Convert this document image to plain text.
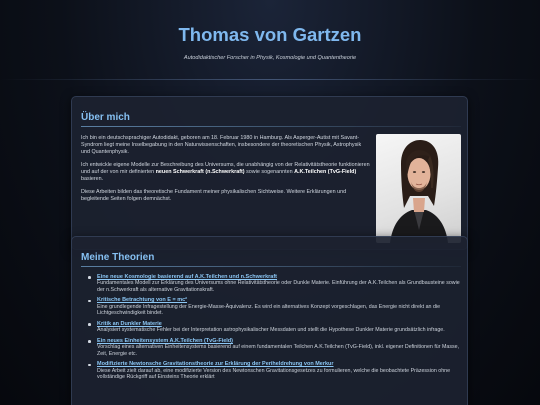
Thomas von Gartzen
Autodidaktischer Forscher in Physik, Kosmologie und Quantentheorie
Über mich

Ich bin ein deutschsprachiger Autodidakt, geboren am 18. Februar 1980 in Hamburg. Als Asperger-Autist mit Savant-Syndrom liegt meine Inselbegabung in den Naturwissenschaften, insbesondere der theoretischen Physik, Astrophysik und Quantenphysik.

Ich entwickle eigene Modelle zur Beschreibung des Universums, die unabhängig von der Relativitätstheorie funktionieren und auf der von mir definierten neuen Schwerkraft (n.Schwerkraft) sowie sogenannten A.K.Teilchen (TvG-Field) basieren.

Diese Arbeiten bilden das theoretische Fundament meiner physikalischen Sichtweise. Weitere Erklärungen und begleitende Seiten folgen demnächst.

Meine Theorien
Eine neue Kosmologie basierend auf A.K.Teilchen und n.Schwerkraft
Fundamentales Modell zur Erklärung des Universums ohne Relativitätstheorie oder Dunkle Materie. Einführung der A.K.Teilchen als Grundbausteine sowie der n.Schwerkraft als alternative Gravitationskraft.
Kritische Betrachtung von E = mc²
Eine grundlegende Infragestellung der Energie-Masse-Äquivalenz. Es wird ein alternatives Konzept vorgeschlagen, das Energie nicht direkt an die Lichtgeschwindigkeit bindet.
Kritik an Dunkler Materie
Analysiert systematische Fehler bei der Interpretation astrophysikalischer Messdaten und stellt die Hypothese Dunkler Materie grundsätzlich infrage.
Ein neues Einheitensystem A.K.Teilchen (TvG-Field)
Vorschlag eines alternativen Einheitensystems basierend auf einem fundamentalen Teilchen A.K.Teilchen (TvG-Field), inkl. eigener Definitionen für Masse, Zeit, Energie etc.
Modifizierte Newtonsche Gravitationstheorie zur Erklärung der Periheldrehung von Merkur
Diese Arbeit zielt darauf ab, eine modifizierte Version des Newtonschen Gravitationsgesetzes zu formulieren, welche die beobachtete Präzession ohne vollständige Rückgriff auf Einsteins Theorie erklärt
